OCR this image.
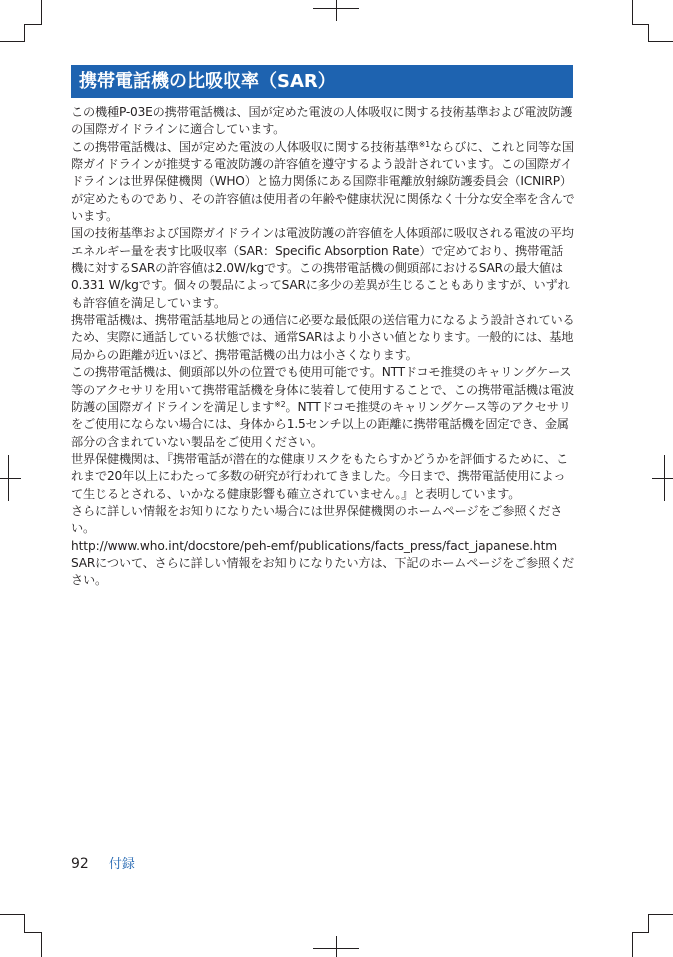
携帯電話機の比吸収率（SAR）

この機種P-03Eの携帯電話機は、国が定めた電波の人体吸収に関する技術基準および電波防護の国際ガイドラインに適合しています。

この携帯電話機は、国が定めた電波の人体吸収に関する技術基準$^{※1}$ならびに、これと同等な国際ガイドラインが推奨する電波防護の許容値を遵守するよう設計されています。この国際ガイドラインは世界保健機関（WHO）と協力関係にある国際非電離放射線防護委員会（ICNIRP）が定めたものであり、その許容値は使用者の年齢や健康状況に関係なく十分な安全率を含んでいます。

国の技術基準および国際ガイドラインは電波防護の許容値を人体頭部に吸収される電波の平均エネルギー量を表す比吸収率（SAR：Specific Absorption Rate）で定めており、携帯電話機に対するSARの許容値は2.0W/kgです。この携帯電話機の側頭部におけるSARの最大値は 0.331 W/kgです。個々の製品によってSARに多少の差異が生じることもありますが、いずれも許容値を満足しています。

携帯電話機は、携帯電話基地局との通信に必要な最低限の送信電力になるよう設計されているため、実際に通話している状態では、通常SARはより小さい値となります。一般的には、基地局からの距離が近いほど、携帯電話機の出力は小さくなります。

この携帯電話機は、側頭部以外の位置でも使用可能です。NTTドコモ推奨のキャリングケース等のアクセサリを用いて携帯電話機を身体に装着して使用することで、この携帯電話機は電波防護の国際ガイドラインを満足します$^{※2}$。NTTドコモ推奨のキャリングケース等のアクセサリをご使用にならない場合には、身体から1.5センチ以上の距離に携帯電話機を固定でき、金属部分の含まれていない製品をご使用ください。

世界保健機関は、『携帯電話が潜在的な健康リスクをもたらすかどうかを評価するために、これまで20年以上にわたって多数の研究が行われてきました。今日まで、携帯電話使用によって生じるとされる、いかなる健康影響も確立されていません。』と表明しています。

さらに詳しい情報をお知りになりたい場合には世界保健機関のホームページをご参照ください。

http://www.who.int/docstore/peh-emf/publications/facts_press/fact_japanese.htm

SARについて、さらに詳しい情報をお知りになりたい方は、下記のホームページをご参照ください。

92 付録
